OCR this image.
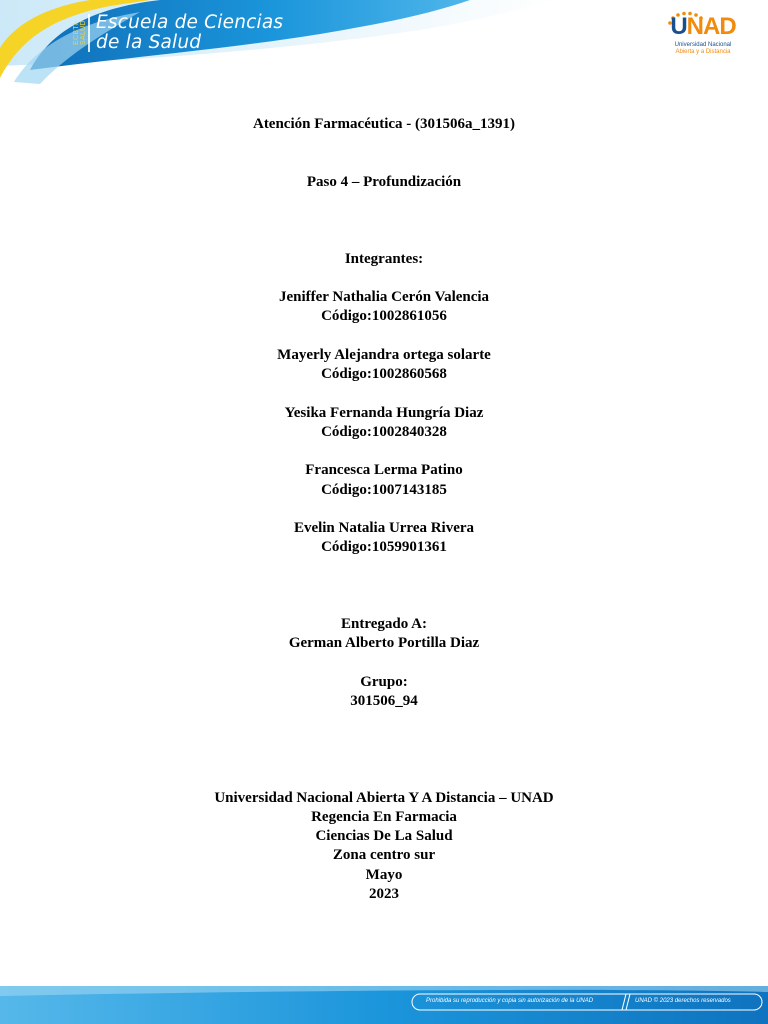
ECBTI-SALUD Escuela de Ciencias
de la Salud
UNAD
Universidad Nacional
Abierta y a Distancia
Atención Farmacéutica - (301506a_1391)
Paso 4 – Profundización
Integrantes:
Jeniffer Nathalia Cerón Valencia
Código:1002861056
Mayerly Alejandra ortega solarte
Código:1002860568
Yesika Fernanda Hungría Diaz
Código:1002840328
Francesca Lerma Patino
Código:1007143185
Evelin Natalia Urrea Rivera
Código:1059901361
Entregado A:
German Alberto Portilla Diaz
Grupo:
301506_94
Universidad Nacional Abierta Y A Distancia – UNAD
Regencia En Farmacia
Ciencias De La Salud
Zona centro sur
Mayo
2023
Prohibida su reproducción y copia sin autorización de la UNAD	UNAD © 2023 derechos reservados
